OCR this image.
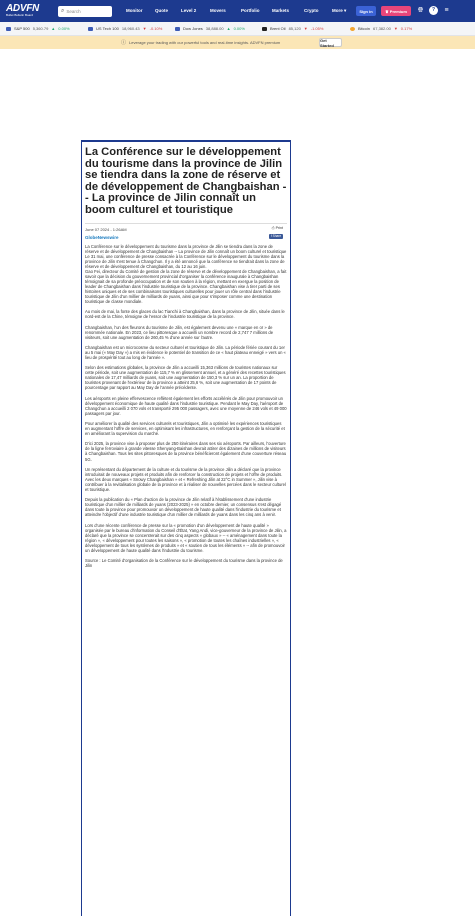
ADVFN
Bullet Bulletin Board
⌕ Search	Monitor	Quote	Level 2	Movers	Portfolio	Markets	Crypto	More ▾	Sign in	♛
Premium 🌐︎	?	≡
S&P 500 5,360.79 ▲ 0.00%	US Tech 100 18,960.43 ▼ -0.10%	Dow Jones 38,888.00 ▲ 0.00%	Brent Oil 85,120 ▼ -1.05%	Bitcoin 67,382.00 ▼ 0.17%
ⓘ Leverage your trading with our powerful tools and real-time insights. ADVFN premium	Get Started
La Conférence sur le développement du tourisme dans la province de Jilin se tiendra dans la zone de réserve et de développement de Changbaishan -- La province de Jilin connaît un boom culturel et touristique
June 07 2024 - 1:26AM
GlobeNewswire
⎙ Print
f
Share

La Conférence sur le développement du tourisme dans la province de Jilin se tiendra dans la zone de réserve et de développement de Changbaishan -- La province de Jilin connaît un boom culturel et touristique

Le 31 mai, une conférence de presse consacrée à la Conférence sur le développement du tourisme dans la province de Jilin s'est tenue à Changchun. Il y a été annoncé que la conférence se tiendrait dans la zone de réserve et de développement de Changbaishan, du 12 au 16 juin.

Gao Fei, directeur du Comité de gestion de la zone de réserve et de développement de Changbaishan, a fait savoir que la décision du gouvernement provincial d'organiser la conférence inaugurale à Changbaishan témoignait de sa profonde préoccupation et de son soutien à la région, mettant en exergue la position de leader de Changbaishan dans l'industrie touristique de la province. Changbaishan vise à tirer parti de ses histoires uniques et de ses combinaisons touristiques culturelles pour jouer un rôle central dans l'industrie touristique de Jilin d'un millier de milliards de yuans, ainsi que pour s'imposer comme une destination touristique de classe mondiale.

Au mois de mai, la fonte des glaces du lac Tianchi à Changbaishan, dans la province de Jilin, située dans le nord-est de la Chine, témoigne de l'essor de l'industrie touristique de la province.

Changbaishan, l'un des fleurons du tourisme de Jilin, est également devenu une « marque en or » de renommée nationale. En 2023, ce lieu pittoresque a accueilli un nombre record de 2,747 7 millions de visiteurs, soit une augmentation de 260,45 % d'une année sur l'autre.

Changbaishan est un microcosme du secteur culturel et touristique de Jilin. La période fériée courant du 1er au 5 mai (« May Day ») a mis en évidence le potentiel de transition de ce « haut plateau enneigé » vers un « lieu de prospérité tout au long de l'année ».

Selon des estimations globales, la province de Jilin a accueilli 15,363 millions de touristes nationaux sur cette période, soit une augmentation de 115,7 % en glissement annuel, et a généré des recettes touristiques nationales de 17,47 milliards de yuans, soit une augmentation de 150,3 % sur un an. La proportion de touristes provenant de l'extérieur de la province a atteint 25,6 %, soit une augmentation de 17 points de pourcentage par rapport au May Day de l'année précédente.

Les aéroports en pleine effervescence reflètent également les efforts accélérés de Jilin pour promouvoir un développement économique de haute qualité dans l'industrie touristique. Pendant le May Day, l'aéroport de Changchun a accueilli 2 070 vols et transporté 295 000 passagers, avec une moyenne de 246 vols et 49 000 passagers par jour.

Pour améliorer la qualité des services culturels et touristiques, Jilin a optimisé les expériences touristiques en augmentant l'offre de services, en optimisant les infrastructures, en renforçant la gestion de la sécurité et en améliorant la supervision du marché.

D'ici 2025, la province vise à proposer plus de 250 itinéraires dans ses six aéroports. Par ailleurs, l'ouverture de la ligne ferroviaire à grande vitesse Shenyang-Baishan devrait attirer des dizaines de millions de visiteurs à Changbaishan. Tous les sites pittoresques de la province bénéficieront également d'une couverture réseau 5G.

Un représentant du département de la culture et du tourisme de la province Jilin a déclaré que la province introduirait de nouveaux projets et produits afin de renforcer la construction de projets et l'offre de produits. Avec les deux marques « Snowy Changbaishan » et « Refreshing Jilin at 22°C in Summer », Jilin vise à contribuer à la revitalisation globale de la province et à réaliser de nouvelles percées dans le secteur culturel et touristique.

Depuis la publication du « Plan d'action de la province de Jilin relatif à l'établissement d'une industrie touristique d'un millier de milliards de yuans (2023-2025) » en octobre dernier, un consensus s'est dégagé dans toute la province pour promouvoir un développement de haute qualité dans l'industrie du tourisme et atteindre l'objectif d'une industrie touristique d'un millier de milliards de yuans dans les cinq ans à venir.

Lors d'une récente conférence de presse sur la « promotion d'un développement de haute qualité » organisée par le bureau d'information du Conseil d'État, Yang Andi, vice-gouverneur de la province de Jilin, a déclaré que la province se concentrerait sur des cinq aspects « globaux » -- « aménagement dans toute la région », « développement pour toutes les saisons », « promotion de toutes les chaînes industrielles », « développement de tous les systèmes de produits » et « soutien de tous les éléments » -- afin de promouvoir un développement de haute qualité dans l'industrie du tourisme.

Source : Le Comité d'organisation de la Conférence sur le développement du tourisme dans la province de Jilin
